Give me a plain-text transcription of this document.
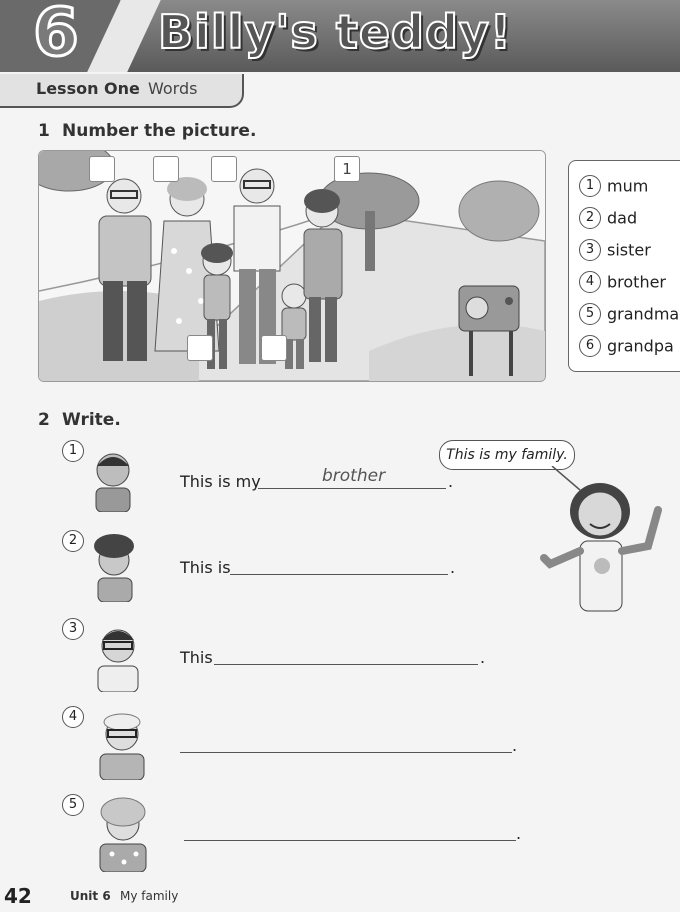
6	Billy's teddy!
Lesson One Words
1 Number the picture.
1
1 mum
2 dad
3 sister
4 brother
5 grandma
6 grandpa
2 Write.
1
This is my	brother	.
2
This is	.
3
This	.
4
.
5
.
This is my family.
42	Unit 6 My family
